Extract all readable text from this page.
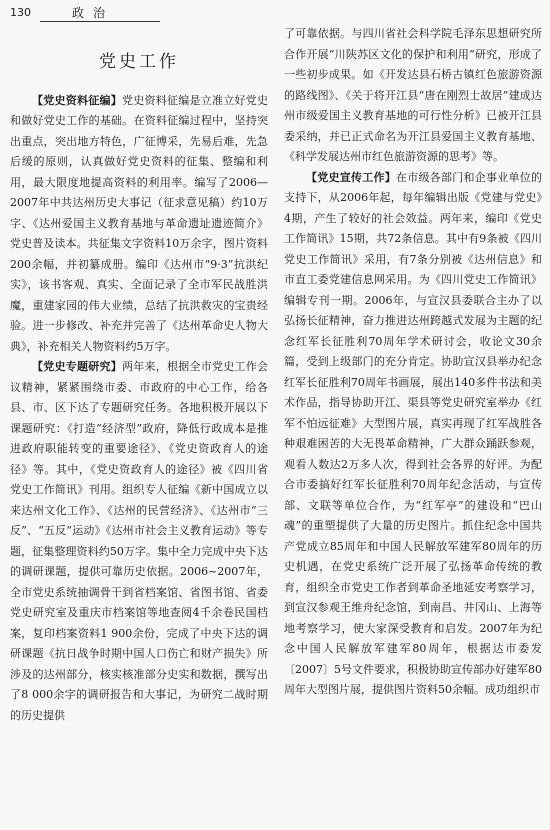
130	政治
党史工作

【党史资料征编】党史资料征编是立准立好党史和做好党史工作的基础。在资料征编过程中，坚持突出重点，突出地方特色，广征博采，先易后难，先急后缓的原则，认真做好党史资料的征集、整编和利用，最大限度地提高资料的利用率。编写了2006—2007年中共达州历史大事记（征求意见稿）约10万字、《达州爱国主义教育基地与革命遗址遗迹简介》党史普及读本。共征集文字资料10万余字，图片资料200余幅，并初纂成册。编印《达州市“9·3”抗洪纪实》，该书客观、真实、全面记录了全市军民战胜洪魔，重建家园的伟大业绩，总结了抗洪救灾的宝贵经验。进一步修改、补充并完善了《达州革命史人物大典》，补充相关人物资料约5万字。

【党史专题研究】两年来，根据全市党史工作会议精神，紧紧围绕市委、市政府的中心工作，给各县、市、区下达了专题研究任务。各地积极开展以下课题研究：《打造“经济型”政府，降低行政成本是推进政府职能转变的重要途径》、《党史资政育人的途径》等。其中，《党史资政育人的途径》被《四川省党史工作简讯》刊用。组织专人征编《新中国成立以来达州文化工作》、《达州的民营经济》、《达州市“三反”、“五反”运动》《达州市社会主义教育运动》等专题，征集整理资料约50万字。集中全力完成中央下达的调研课题，提供可靠历史依据。2006~2007年，全市党史系统抽调骨干到省档案馆、省图书馆、省委党史研究室及重庆市档案馆等地查阅4千余卷民国档案，复印档案资料1 900余份，完成了中央下达的调研课题《抗日战争时期中国人口伤亡和财产损失》所涉及的达州部分，核实核准部分史实和数据，撰写出了8 000余字的调研报告和大事记，为研究二战时期的历史提供

了可靠依据。与四川省社会科学院毛泽东思想研究所合作开展“川陕苏区文化的保护和利用”研究，形成了一些初步成果。如《开发达县石桥古镇红色旅游资源的路线图》、《关于将开江县“唐在刚烈士故居”建成达州市级爱国主义教育基地的可行性分析》已被开江县委采纳，并已正式命名为开江县爱国主义教育基地、《科学发展达州市红色旅游资源的思考》等。

【党史宣传工作】在市级各部门和企事业单位的支持下，从2006年起，每年编辑出版《党建与党史》4期，产生了较好的社会效益。两年来，编印《党史工作简讯》15期，共72条信息。其中有9条被《四川党史工作简讯》采用，有7条分别被《达州信息》和市直工委党建信息网采用。为《四川党史工作简讯》编辑专刊一期。2006年，与宣汉县委联合主办了以弘扬长征精神，奋力推进达州跨越式发展为主题的纪念红军长征胜利70周年学术研讨会，收论文30余篇，受到上级部门的充分肯定。协助宣汉县举办纪念红军长征胜利70周年书画展，展出140多件书法和美术作品，指导协助开江、渠县等党史研究室举办《红军不怕远征难》大型图片展，真实再现了红军战胜各种艰难困苦的大无畏革命精神，广大群众踊跃参观，观看人数达2万多人次，得到社会各界的好评。为配合市委搞好红军长征胜利70周年纪念活动，与宣传部、文联等单位合作，为“红军亭”的建设和“巴山魂”的重塑提供了大量的历史图片。抓住纪念中国共产党成立85周年和中国人民解放军建军80周年的历史机遇，在党史系统广泛开展了弘扬革命传统的教育，组织全市党史工作者到革命圣地延安考察学习，到宣汉参观王维舟纪念馆，到南昌、井冈山、上海等地考察学习，使大家深受教育和启发。2007年为纪念中国人民解放军建军80周年，根据达市委发〔2007〕5号文件要求，积极协助宣传部办好建军80周年大型图片展，提供图片资料50余幅。成功组织市
